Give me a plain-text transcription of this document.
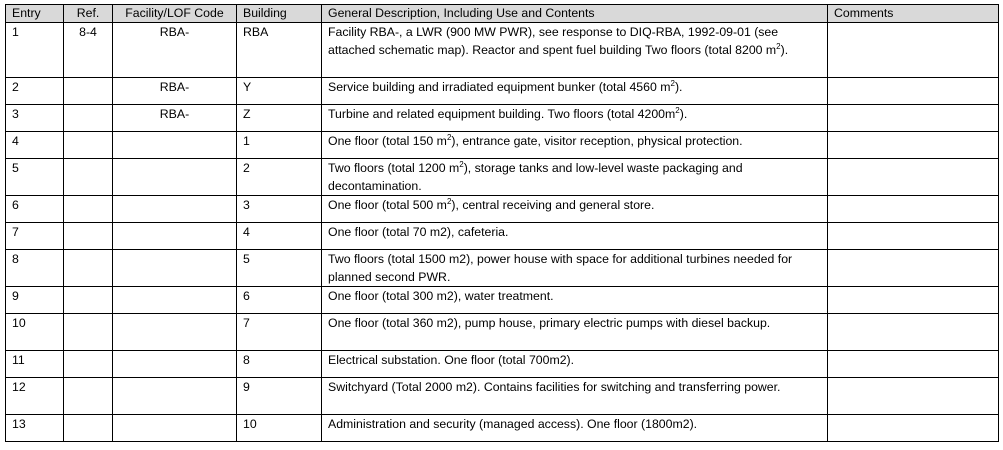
Entry	Ref.	Facility/LOF Code	Building	General Description, Including Use and Contents	Comments
1	8-4	RBA-	RBA	Facility RBA-, a LWR (900 MW PWR), see response to DIQ-RBA, 1992-09-01 (see attached schematic map). Reactor and spent fuel building Two floors (total 8200 $m^2$).	
2		RBA-	Y	Service building and irradiated equipment bunker (total 4560 $m^2$).	
3		RBA-	Z	Turbine and related equipment building. Two floors (total $4200m^2$).	
4			1	One floor (total 150 $m^2$), entrance gate, visitor reception, physical protection.	
5			2	Two floors (total 1200 $m^2$), storage tanks and low-level waste packaging and decontamination.	
6			3	One floor (total 500 $m^2$), central receiving and general store.	
7			4	One floor (total 70 m2), cafeteria.	
8			5	Two floors (total 1500 m2), power house with space for additional turbines needed for planned second PWR.	
9			6	One floor (total 300 m2), water treatment.	
10			7	One floor (total 360 m2), pump house, primary electric pumps with diesel backup.	
11			8	Electrical substation. One floor (total 700m2).	
12			9	Switchyard (Total 2000 m2). Contains facilities for switching and transferring power.	
13			10	Administration and security (managed access). One floor (1800m2).	
